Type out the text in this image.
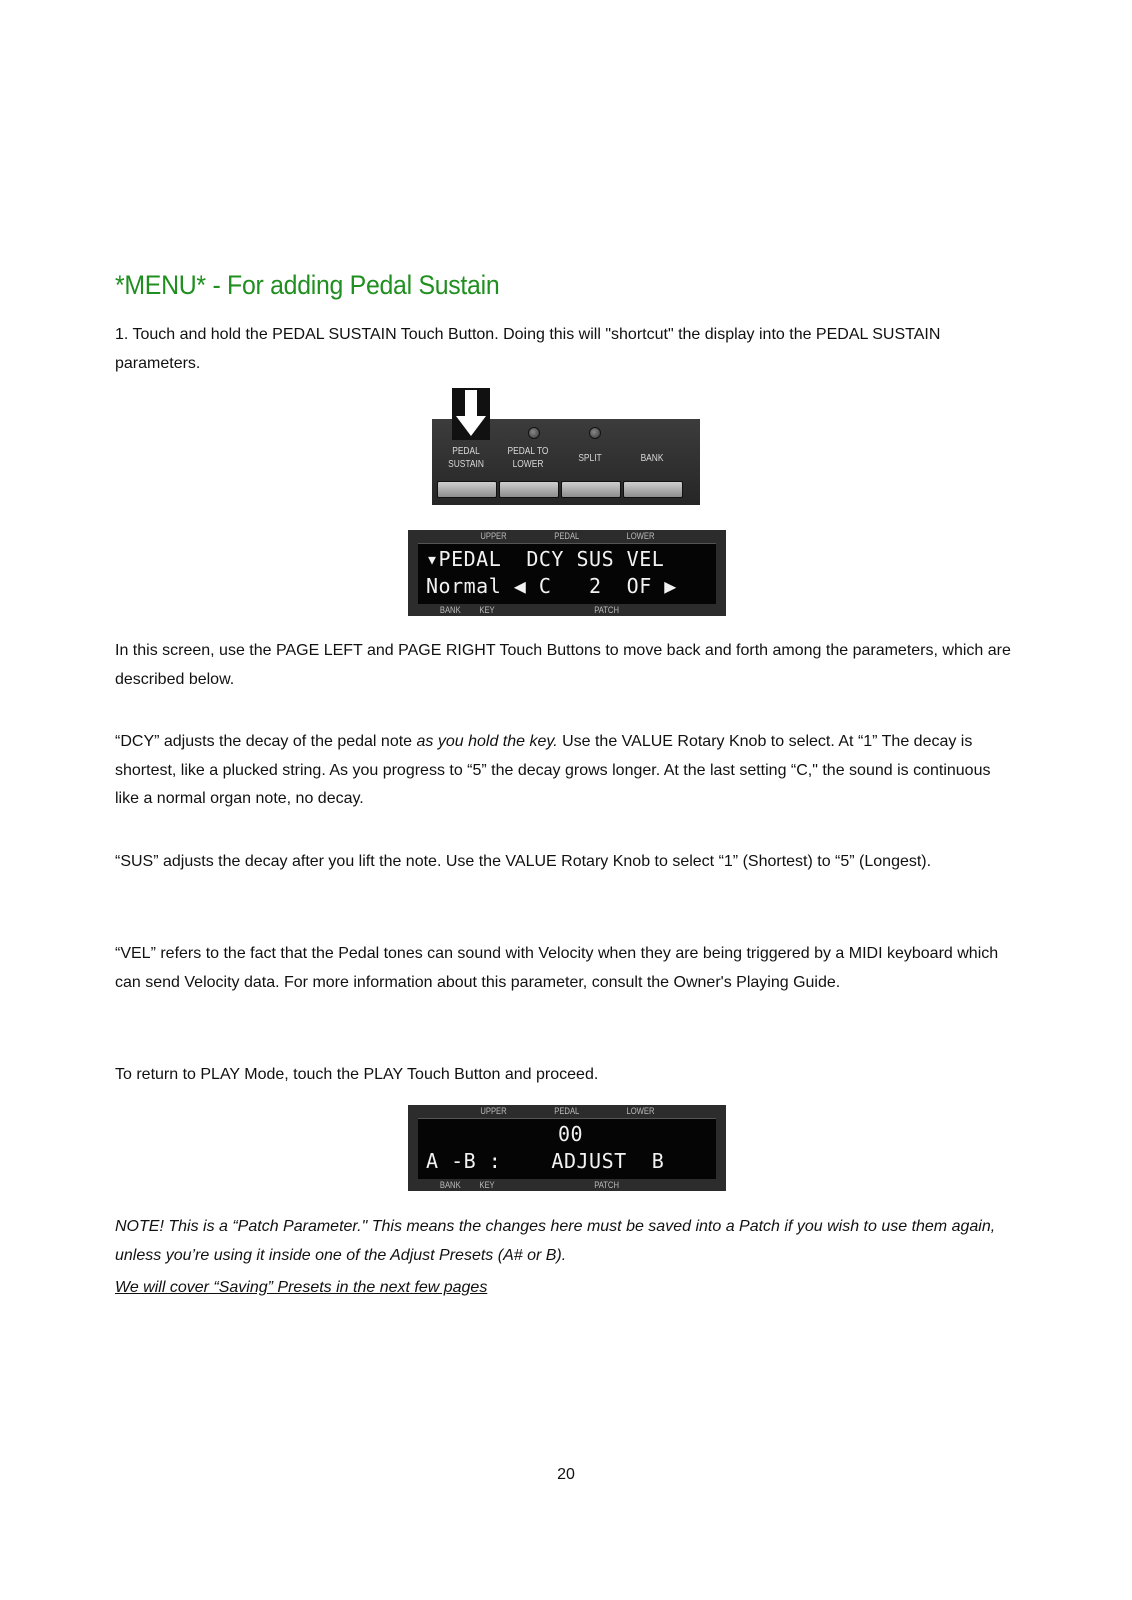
*MENU* - For adding Pedal Sustain

1. Touch and hold the PEDAL SUSTAIN Touch Button. Doing this will "shortcut" the display into the PEDAL SUSTAIN parameters.

PEDAL
SUSTAIN
PEDAL TO
LOWER	SPLIT	BANK
UPPER	PEDAL	LOWER
▾PEDAL  DCY SUS VEL
Normal ◀ C   2  OF ▶
BANK KEY	PATCH

In this screen, use the PAGE LEFT and PAGE RIGHT Touch Buttons to move back and forth among the parameters, which are described below.

“DCY” adjusts the decay of the pedal note as you hold the key. Use the VALUE Rotary Knob to select. At “1” The decay is shortest, like a plucked string. As you progress to “5” the decay grows longer. At the last setting “C," the sound is continuous like a normal organ note, no decay.

“SUS” adjusts the decay after you lift the note. Use the VALUE Rotary Knob to select “1” (Shortest) to “5” (Longest).

“VEL” refers to the fact that the Pedal tones can sound with Velocity when they are being triggered by a MIDI keyboard which can send Velocity data. For more information about this parameter, consult the Owner's Playing Guide.

To return to PLAY Mode, touch the PLAY Touch Button and proceed.

UPPER	PEDAL	LOWER
00
A -B :    ADJUST  B
BANK KEY	PATCH

NOTE! This is a “Patch Parameter." This means the changes here must be saved into a Patch if you wish to use them again, unless you’re using it inside one of the Adjust Presets (A# or B).

We will cover “Saving” Presets in the next few pages

20
